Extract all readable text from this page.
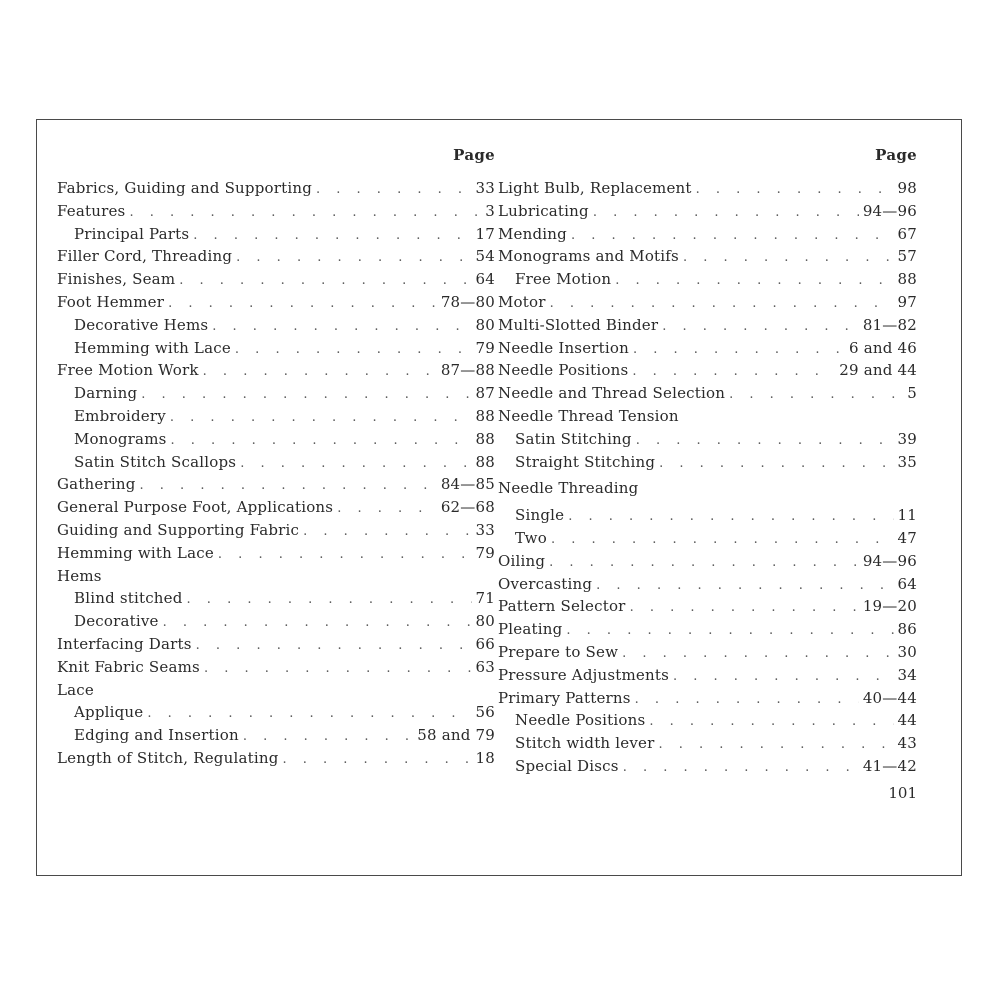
Page
Fabrics, Guiding and Supporting . . .	33
Features . . .	3
Principal Parts . . .	17
Filler Cord, Threading . . .	54
Finishes, Seam . . .	64
Foot Hemmer . . .	78—80
Decorative Hems . . .	80
Hemming with Lace . . .	79
Free Motion Work . . .	87—88
Darning . . .	87
Embroidery . . .	88
Monograms . . .	88
Satin Stitch Scallops . . .	88
Gathering . . .	84—85
General Purpose Foot, Applications . . .	62—68
Guiding and Supporting Fabric . . .	33
Hemming with Lace . . .	79
Hems
Blind stitched . . .	71
Decorative . . .	80
Interfacing Darts . . .	66
Knit Fabric Seams . . .	63
Lace
Applique . . .	56
Edging and Insertion . . .	58 and 79
Length of Stitch, Regulating . . .	18
Page
Light Bulb, Replacement . . .	98
Lubricating . . .	94—96
Mending . . .	67
Monograms and Motifs . . .	57
Free Motion . . .	88
Motor . . .	97
Multi-Slotted Binder . . .	81—82
Needle Insertion . . .	6 and 46
Needle Positions . . .	29 and 44
Needle and Thread Selection . . .	5
Needle Thread Tension
Satin Stitching . . .	39
Straight Stitching . . .	35
Needle Threading
Single . . .	11
Two . . .	47
Oiling . . .	94—96
Overcasting . . .	64
Pattern Selector . . .	19—20
Pleating . . .	86
Prepare to Sew . . .	30
Pressure Adjustments . . .	34
Primary Patterns . . .	40—44
Needle Positions . . .	44
Stitch width lever . . .	43
Special Discs . . .	41—42
101
